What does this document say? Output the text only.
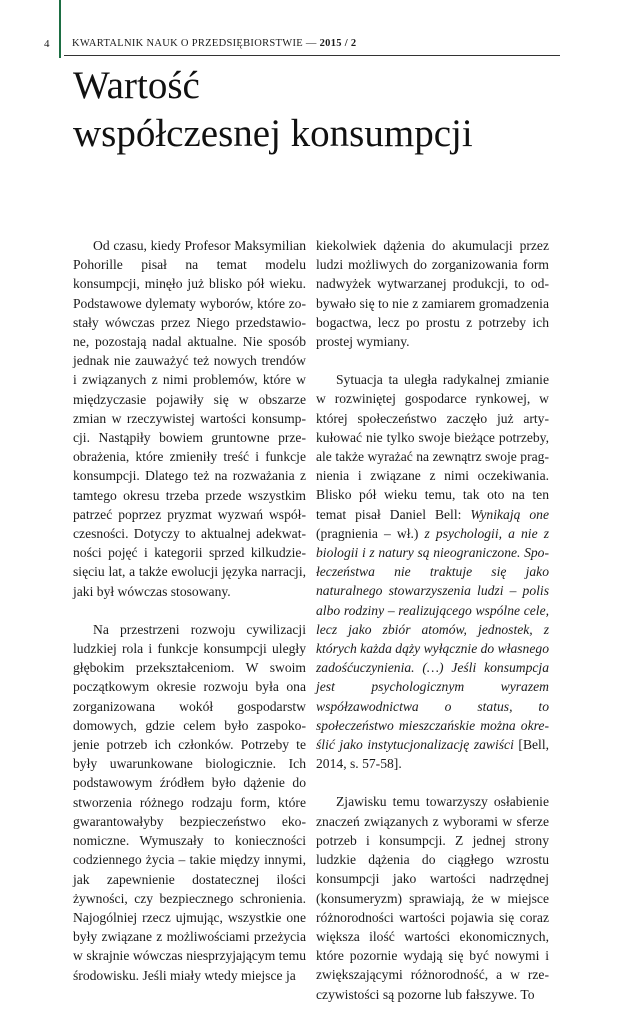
4 KWARTALNIK NAUK O PRZEDSIĘBIORSTWIE — 2015 / 2
Wartość
współczesnej konsumpcji

Od czasu, kiedy Profesor Maksymilian Pohorille pisał na temat modelu konsumpcji, minęło już blisko pół wieku. Podstawowe dylematy wyborów, które zostały wówczas przez Niego przedstawione, pozostają nadal aktualne. Nie sposób jednak nie zauważyć też nowych trendów i związanych z nimi problemów, które w międzyczasie pojawiły się w obszarze zmian w rzeczywistej wartości konsumpcji. Nastąpiły bowiem gruntowne przeobrażenia, które zmieniły treść i funkcje konsumpcji. Dlatego też na rozważania z tamtego okresu trzeba przede wszystkim patrzeć poprzez pryzmat wyzwań współczesności. Dotyczy to aktualnej adekwatności pojęć i kategorii sprzed kilkudziesięciu lat, a także ewolucji języka narracji, jaki był wówczas stosowany.

Na przestrzeni rozwoju cywilizacji ludzkiej rola i funkcje konsumpcji uległy głębokim przekształceniom. W swoim początkowym okresie rozwoju była ona zorganizowana wokół gospodarstw domowych, gdzie celem było zaspokojenie potrzeb ich członków. Potrzeby te były uwarunkowane biologicznie. Ich podstawowym źródłem było dążenie do stworzenia różnego rodzaju form, które gwarantowałyby bezpieczeństwo ekonomiczne. Wymuszały to konieczności codziennego życia – takie między innymi, jak zapewnienie dostatecznej ilości żywności, czy bezpiecznego schronienia. Najogólniej rzecz ujmując, wszystkie one były związane z możliwościami przeżycia w skrajnie wówczas niesprzyjającym temu środowisku. Jeśli miały wtedy miejsce ja

kiekolwiek dążenia do akumulacji przez ludzi możliwych do zorganizowania form nadwyżek wytwarzanej produkcji, to odbywało się to nie z zamiarem gromadzenia bogactwa, lecz po prostu z potrzeby ich prostej wymiany.

Sytuacja ta uległa radykalnej zmianie w rozwiniętej gospodarce rynkowej, w której społeczeństwo zaczęło już artykułować nie tylko swoje bieżące potrzeby, ale także wyrażać na zewnątrz swoje pragnienia i związane z nimi oczekiwania. Blisko pół wieku temu, tak oto na ten temat pisał Daniel Bell: Wynikają one (pragnienia – wł.) z psychologii, a nie z biologii i z natury są nieograniczone. Społeczeństwa nie traktuje się jako naturalnego stowarzyszenia ludzi – polis albo rodziny – realizującego wspólne cele, lecz jako zbiór atomów, jednostek, z których każda dąży wyłącznie do własnego zadośćuczynienia. (…) Jeśli konsumpcja jest psychologicznym wyrazem współzawodnictwa o status, to społeczeństwo mieszczańskie można określić jako instytucjonalizację zawiści [Bell, 2014, s. 57-58].

Zjawisku temu towarzyszy osłabienie znaczeń związanych z wyborami w sferze potrzeb i konsumpcji. Z jednej strony ludzkie dążenia do ciągłego wzrostu konsumpcji jako wartości nadrzędnej (konsumeryzm) sprawiają, że w miejsce różnorodności wartości pojawia się coraz większa ilość wartości ekonomicznych, które pozornie wydają się być nowymi i zwiększającymi różnorodność, a w rzeczywistości są pozorne lub fałszywe. To
